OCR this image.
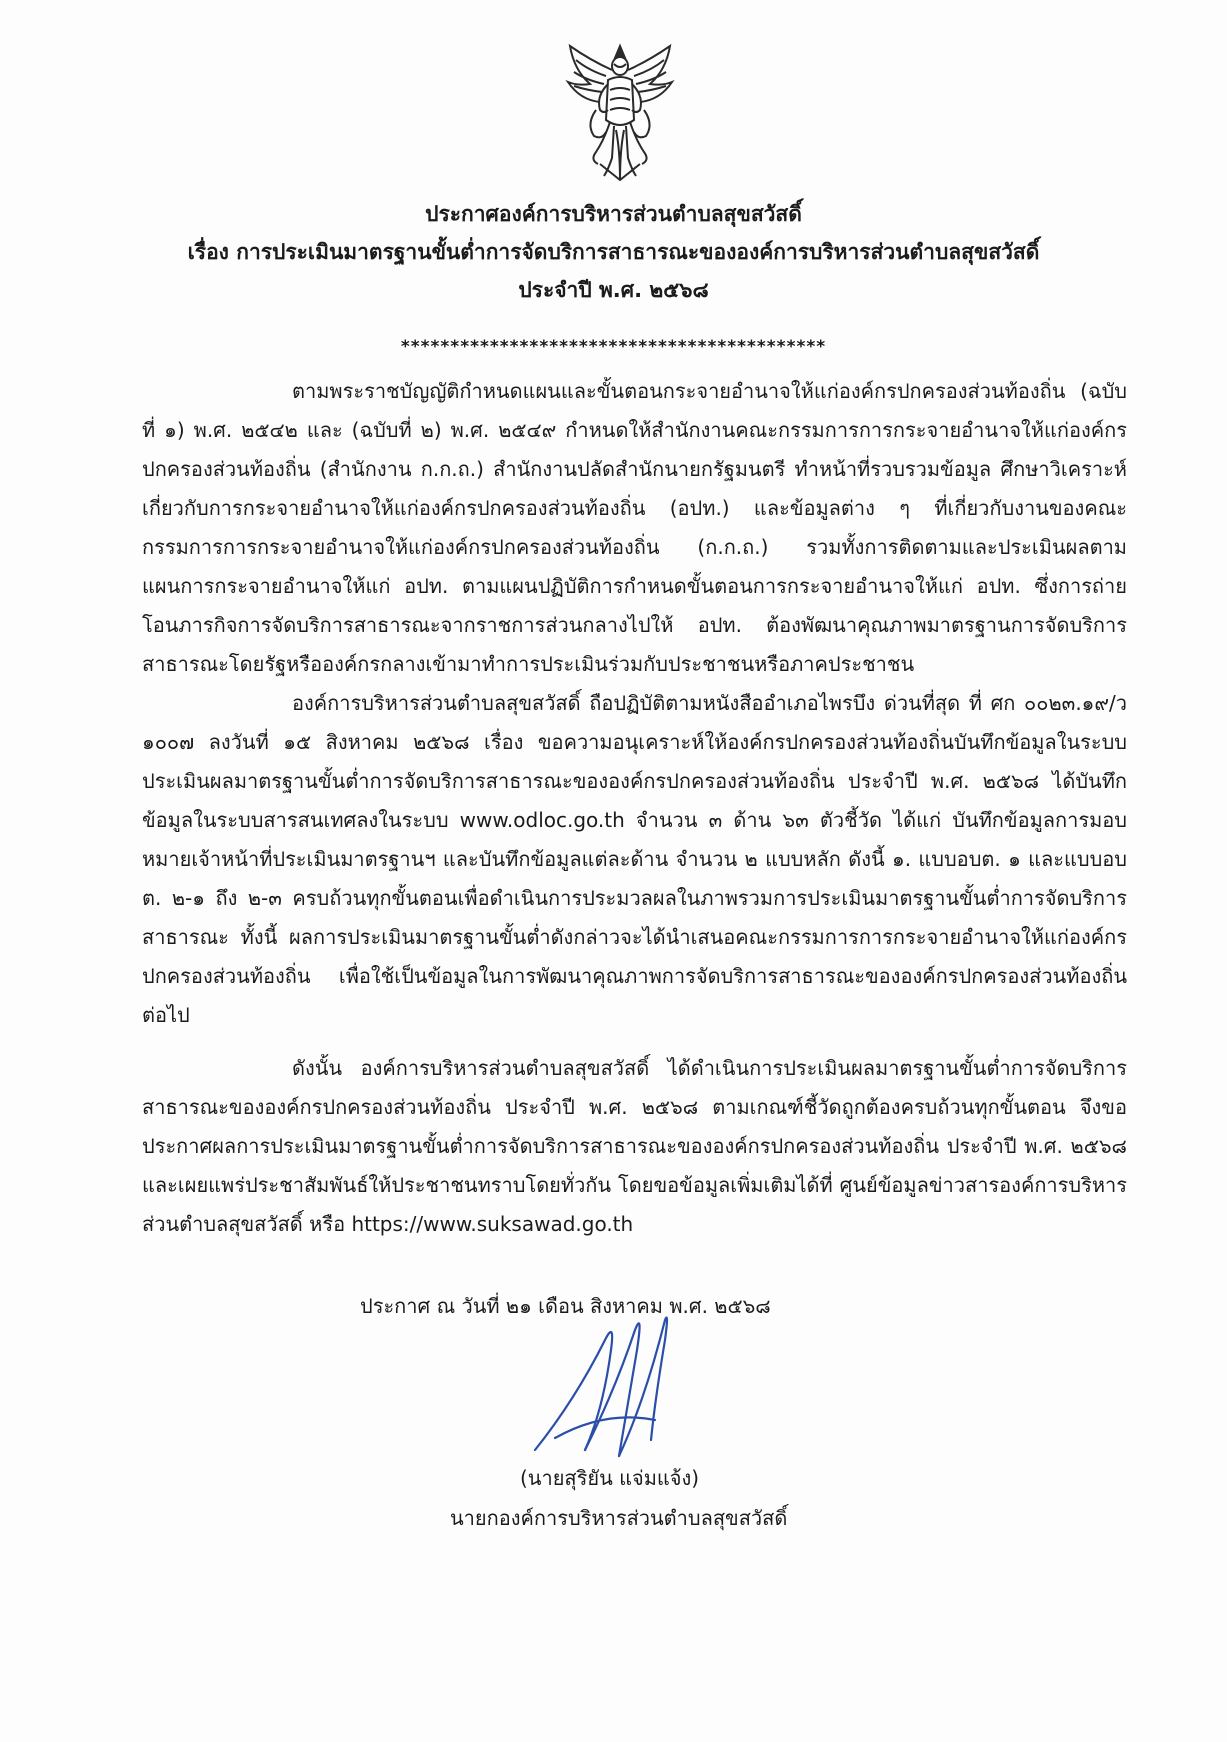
ประกาศองค์การบริหารส่วนตำบลสุขสวัสดิ์
เรื่อง การประเมินมาตรฐานขั้นต่ำการจัดบริการสาธารณะขององค์การบริหารส่วนตำบลสุขสวัสดิ์
ประจำปี พ.ศ. ๒๕๖๘
*******************************************

ตามพระราชบัญญัติกำหนดแผนและขั้นตอนกระจายอำนาจให้แก่องค์กรปกครองส่วนท้องถิ่น (ฉบับที่ ๑) พ.ศ. ๒๕๔๒ และ (ฉบับที่ ๒) พ.ศ. ๒๕๔๙ กำหนดให้สำนักงานคณะกรรมการการกระจายอำนาจให้แก่องค์กรปกครองส่วนท้องถิ่น (สำนักงาน ก.ก.ถ.) สำนักงานปลัดสำนักนายกรัฐมนตรี ทำหน้าที่รวบรวมข้อมูล ศึกษาวิเคราะห์เกี่ยวกับการกระจายอำนาจให้แก่องค์กรปกครองส่วนท้องถิ่น (อปท.) และข้อมูลต่าง ๆ ที่เกี่ยวกับงานของคณะกรรมการการกระจายอำนาจให้แก่องค์กรปกครองส่วนท้องถิ่น (ก.ก.ถ.) รวมทั้งการติดตามและประเมินผลตามแผนการกระจายอำนาจให้แก่ อปท. ตามแผนปฏิบัติการกำหนดขั้นตอนการกระจายอำนาจให้แก่ อปท. ซึ่งการถ่ายโอนภารกิจการจัดบริการสาธารณะจากราชการส่วนกลางไปให้ อปท. ต้องพัฒนาคุณภาพมาตรฐานการจัดบริการสาธารณะโดยรัฐหรือองค์กรกลางเข้ามาทำการประเมินร่วมกับประชาชนหรือภาคประชาชน

องค์การบริหารส่วนตำบลสุขสวัสดิ์ ถือปฏิบัติตามหนังสืออำเภอไพรบึง ด่วนที่สุด ที่ ศก ๐๐๒๓.๑๙/ว ๑๐๐๗ ลงวันที่ ๑๕ สิงหาคม ๒๕๖๘ เรื่อง ขอความอนุเคราะห์ให้องค์กรปกครองส่วนท้องถิ่นบันทึกข้อมูลในระบบประเมินผลมาตรฐานขั้นต่ำการจัดบริการสาธารณะขององค์กรปกครองส่วนท้องถิ่น ประจำปี พ.ศ. ๒๕๖๘ ได้บันทึกข้อมูลในระบบสารสนเทศลงในระบบ www.odloc.go.th จำนวน ๓ ด้าน ๖๓ ตัวชี้วัด ได้แก่ บันทึกข้อมูลการมอบหมายเจ้าหน้าที่ประเมินมาตรฐานฯ และบันทึกข้อมูลแต่ละด้าน จำนวน ๒ แบบหลัก ดังนี้ ๑. แบบอบต. ๑ และแบบอบต. ๒-๑ ถึง ๒-๓ ครบถ้วนทุกขั้นตอนเพื่อดำเนินการประมวลผลในภาพรวมการประเมินมาตรฐานขั้นต่ำการจัดบริการสาธารณะ ทั้งนี้ ผลการประเมินมาตรฐานขั้นต่ำดังกล่าวจะได้นำเสนอคณะกรรมการการกระจายอำนาจให้แก่องค์กรปกครองส่วนท้องถิ่น เพื่อใช้เป็นข้อมูลในการพัฒนาคุณภาพการจัดบริการสาธารณะขององค์กรปกครองส่วนท้องถิ่นต่อไป

ดังนั้น องค์การบริหารส่วนตำบลสุขสวัสดิ์ ได้ดำเนินการประเมินผลมาตรฐานขั้นต่ำการจัดบริการสาธารณะขององค์กรปกครองส่วนท้องถิ่น ประจำปี พ.ศ. ๒๕๖๘ ตามเกณฑ์ชี้วัดถูกต้องครบถ้วนทุกขั้นตอน จึงขอประกาศผลการประเมินมาตรฐานขั้นต่ำการจัดบริการสาธารณะขององค์กรปกครองส่วนท้องถิ่น ประจำปี พ.ศ. ๒๕๖๘ และเผยแพร่ประชาสัมพันธ์ให้ประชาชนทราบโดยทั่วกัน โดยขอข้อมูลเพิ่มเติมได้ที่ ศูนย์ข้อมูลข่าวสารองค์การบริหารส่วนตำบลสุขสวัสดิ์ หรือ https://www.suksawad.go.th

ประกาศ ณ วันที่ ๒๑ เดือน สิงหาคม พ.ศ. ๒๕๖๘
(นายสุริยัน แจ่มแจ้ง)
นายกองค์การบริหารส่วนตำบลสุขสวัสดิ์
